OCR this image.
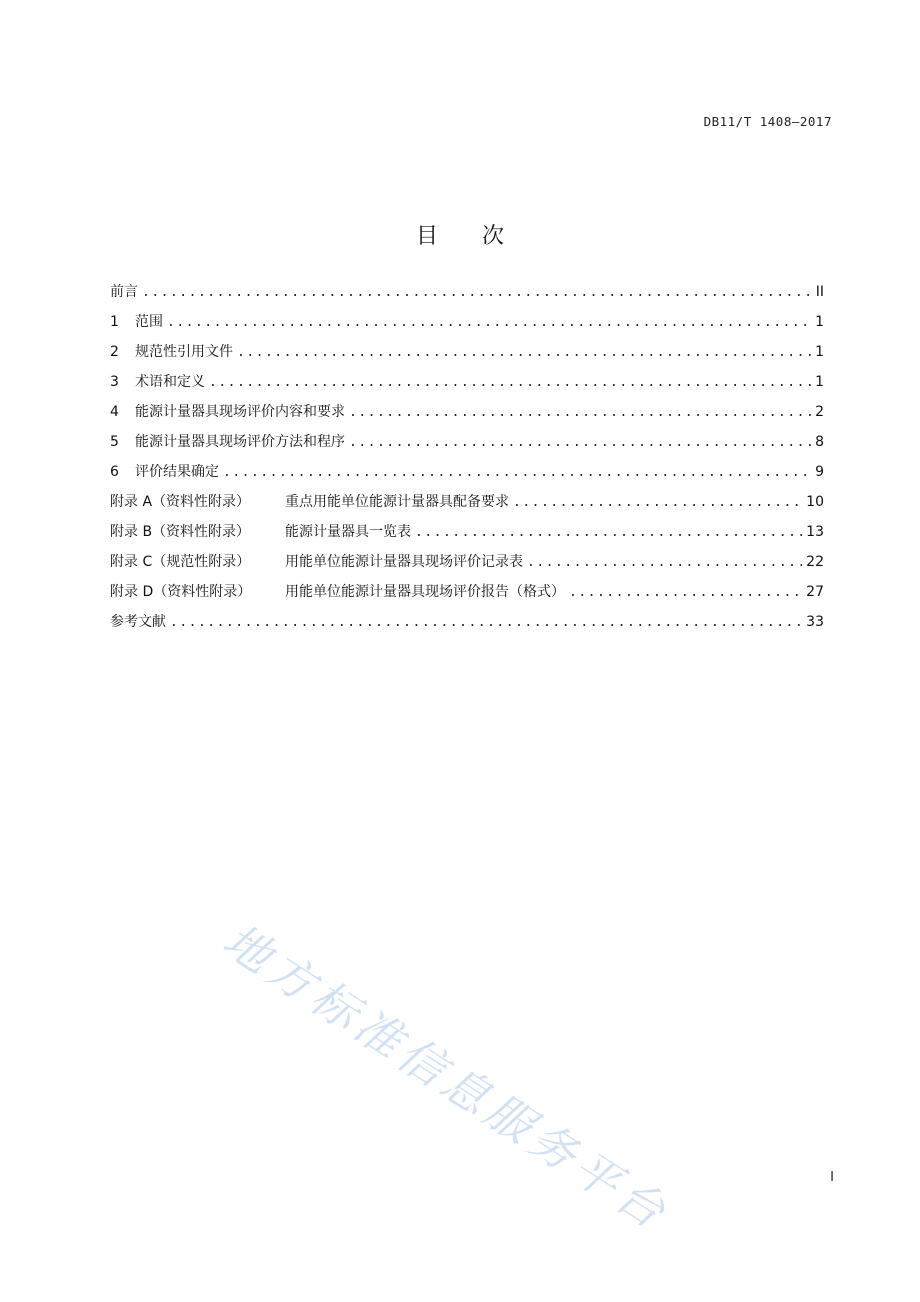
DB11/T 1408—2017
目 次
前言 .....	II
1 范围 .....	1
2 规范性引用文件 .....	1
3 术语和定义 .....	1
4 能源计量器具现场评价内容和要求 .....	2
5 能源计量器具现场评价方法和程序 .....	8
6 评价结果确定 .....	9
附录 A（资料性附录） 重点用能单位能源计量器具配备要求 .....	10
附录 B（资料性附录） 能源计量器具一览表 .....	13
附录 C（规范性附录） 用能单位能源计量器具现场评价记录表 .....	22
附录 D（资料性附录） 用能单位能源计量器具现场评价报告（格式） .....	27
参考文献 .....	33
地方标准信息服务平台	I
